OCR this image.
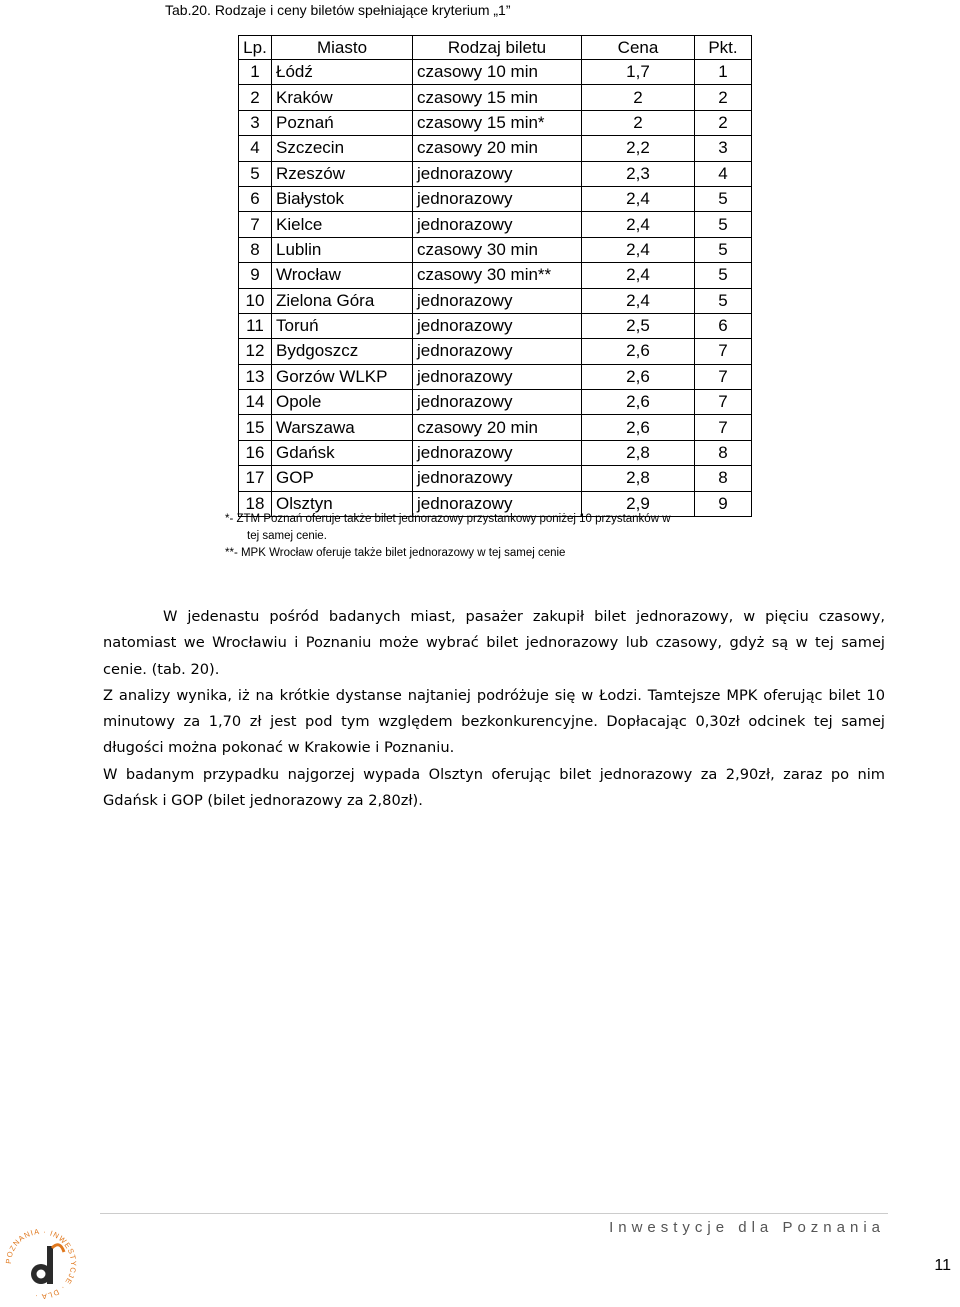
Tab.20. Rodzaje i ceny biletów spełniające kryterium „1”
Lp.	Miasto	Rodzaj biletu	Cena	Pkt.
1	Łódź	czasowy 10 min	1,7	1
2	Kraków	czasowy 15 min	2	2
3	Poznań	czasowy 15 min*	2	2
4	Szczecin	czasowy 20 min	2,2	3
5	Rzeszów	jednorazowy	2,3	4
6	Białystok	jednorazowy	2,4	5
7	Kielce	jednorazowy	2,4	5
8	Lublin	czasowy 30 min	2,4	5
9	Wrocław	czasowy 30 min**	2,4	5
10	Zielona Góra	jednorazowy	2,4	5
11	Toruń	jednorazowy	2,5	6
12	Bydgoszcz	jednorazowy	2,6	7
13	Gorzów WLKP	jednorazowy	2,6	7
14	Opole	jednorazowy	2,6	7
15	Warszawa	czasowy 20 min	2,6	7
16	Gdańsk	jednorazowy	2,8	8
17	GOP	jednorazowy	2,8	8
18	Olsztyn	jednorazowy	2,9	9
*- ZTM Poznań oferuje także bilet jednorazowy przystankowy poniżej 10 przystanków w
tej samej cenie.
**- MPK Wrocław oferuje także bilet jednorazowy w tej samej cenie

W jedenastu pośród badanych miast, pasażer zakupił bilet jednorazowy, w pięciu czasowy, natomiast we Wrocławiu i Poznaniu może wybrać bilet jednorazowy lub czasowy, gdyż są w tej samej cenie. (tab. 20).

Z analizy wynika, iż na krótkie dystanse najtaniej podróżuje się w Łodzi. Tamtejsze MPK oferując bilet 10 minutowy za 1,70 zł jest pod tym względem bezkonkurencyjne. Dopłacając 0,30zł odcinek tej samej długości można pokonać w Krakowie i Poznaniu.

W badanym przypadku najgorzej wypada Olsztyn oferując bilet jednorazowy za 2,90zł, zaraz po nim Gdańsk i GOP (bilet jednorazowy za 2,80zł).

Inwestycje dla Poznania
11
POZNANIA · INWESTYCJE · DLA ·
